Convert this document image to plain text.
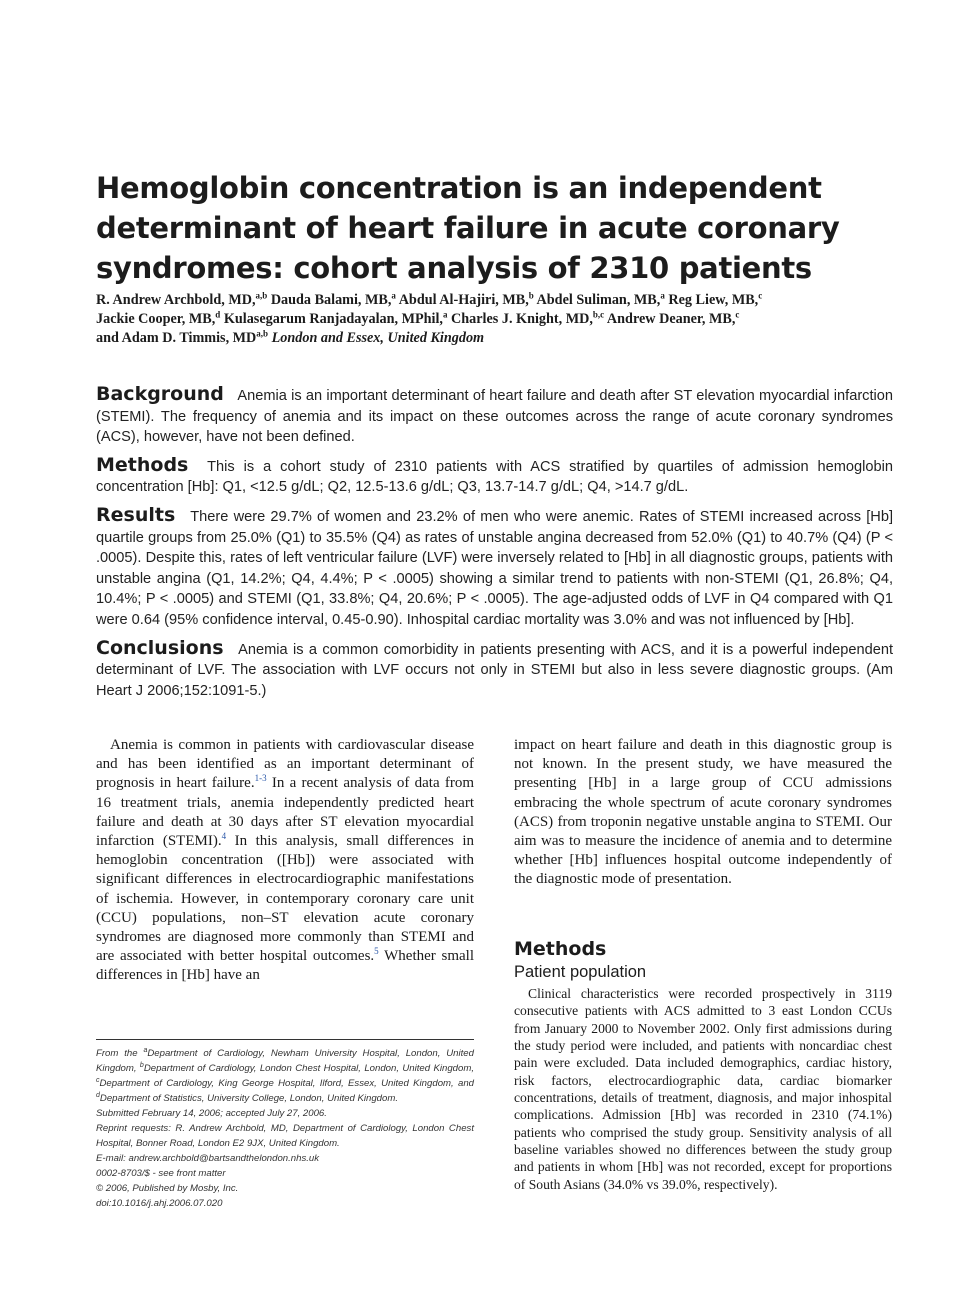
Hemoglobin concentration is an independent determinant of heart failure in acute coronary syndromes: cohort analysis of 2310 patients
R. Andrew Archbold, MD,$^{a,b}$ Dauda Balami, MB,$^a$ Abdul Al-Hajiri, MB,$^b$ Abdel Suliman, MB,$^a$ Reg Liew, MB,$^c$
Jackie Cooper, MB,$^d$ Kulasegarum Ranjadayalan, MPhil,$^a$ Charles J. Knight, MD,$^{b,c}$ Andrew Deaner, MB,$^c$
and Adam D. Timmis, MD$^{a,b}$ London and Essex, United Kingdom

Background Anemia is an important determinant of heart failure and death after ST elevation myocardial infarction (STEMI). The frequency of anemia and its impact on these outcomes across the range of acute coronary syndromes (ACS), however, have not been defined.

Methods This is a cohort study of 2310 patients with ACS stratified by quartiles of admission hemoglobin concentration [Hb]: Q1, <12.5 g/dL; Q2, 12.5-13.6 g/dL; Q3, 13.7-14.7 g/dL; Q4, >14.7 g/dL.

Results There were 29.7% of women and 23.2% of men who were anemic. Rates of STEMI increased across [Hb] quartile groups from 25.0% (Q1) to 35.5% (Q4) as rates of unstable angina decreased from 52.0% (Q1) to 40.7% (Q4) (P < .0005). Despite this, rates of left ventricular failure (LVF) were inversely related to [Hb] in all diagnostic groups, patients with unstable angina (Q1, 14.2%; Q4, 4.4%; P < .0005) showing a similar trend to patients with non-STEMI (Q1, 26.8%; Q4, 10.4%; P < .0005) and STEMI (Q1, 33.8%; Q4, 20.6%; P < .0005). The age-adjusted odds of LVF in Q4 compared with Q1 were 0.64 (95% confidence interval, 0.45-0.90). Inhospital cardiac mortality was 3.0% and was not influenced by [Hb].

Conclusions Anemia is a common comorbidity in patients presenting with ACS, and it is a powerful independent determinant of LVF. The association with LVF occurs not only in STEMI but also in less severe diagnostic groups. (Am Heart J 2006;152:1091-5.)

Anemia is common in patients with cardiovascular disease and has been identified as an important determinant of prognosis in heart failure.$^{1-3}$ In a recent analysis of data from 16 treatment trials, anemia independently predicted heart failure and death at 30 days after ST elevation myocardial infarction (STEMI).$^4$ In this analysis, small differences in hemoglobin concentration ([Hb]) were associated with significant differences in electrocardiographic manifestations of ischemia. However, in contemporary coronary care unit (CCU) populations, non–ST elevation acute coronary syndromes are diagnosed more commonly than STEMI and are associated with better hospital outcomes.$^5$ Whether small differences in [Hb] have an

impact on heart failure and death in this diagnostic group is not known. In the present study, we have measured the presenting [Hb] in a large group of CCU admissions embracing the whole spectrum of acute coronary syndromes (ACS) from troponin negative unstable angina to STEMI. Our aim was to measure the incidence of anemia and to determine whether [Hb] influences hospital outcome independently of the diagnostic mode of presentation.

Methods
Patient population

Clinical characteristics were recorded prospectively in 3119 consecutive patients with ACS admitted to 3 east London CCUs from January 2000 to November 2002. Only first admissions during the study period were included, and patients with noncardiac chest pain were excluded. Data included demographics, cardiac history, risk factors, electrocardiographic data, cardiac biomarker concentrations, details of treatment, diagnosis, and major inhospital complications. Admission [Hb] was recorded in 2310 (74.1%) patients who comprised the study group. Sensitivity analysis of all baseline variables showed no differences between the study group and patients in whom [Hb] was not recorded, except for proportions of South Asians (34.0% vs 39.0%, respectively).

From the $^a$Department of Cardiology, Newham University Hospital, London, United Kingdom, $^b$Department of Cardiology, London Chest Hospital, London, United Kingdom, $^c$Department of Cardiology, King George Hospital, Ilford, Essex, United Kingdom, and $^d$Department of Statistics, University College, London, United Kingdom.
Submitted February 14, 2006; accepted July 27, 2006.
Reprint requests: R. Andrew Archbold, MD, Department of Cardiology, London Chest Hospital, Bonner Road, London E2 9JX, United Kingdom.
E-mail: andrew.archbold@bartsandthelondon.nhs.uk
0002-8703/$ - see front matter
© 2006, Published by Mosby, Inc.
doi:10.1016/j.ahj.2006.07.020
